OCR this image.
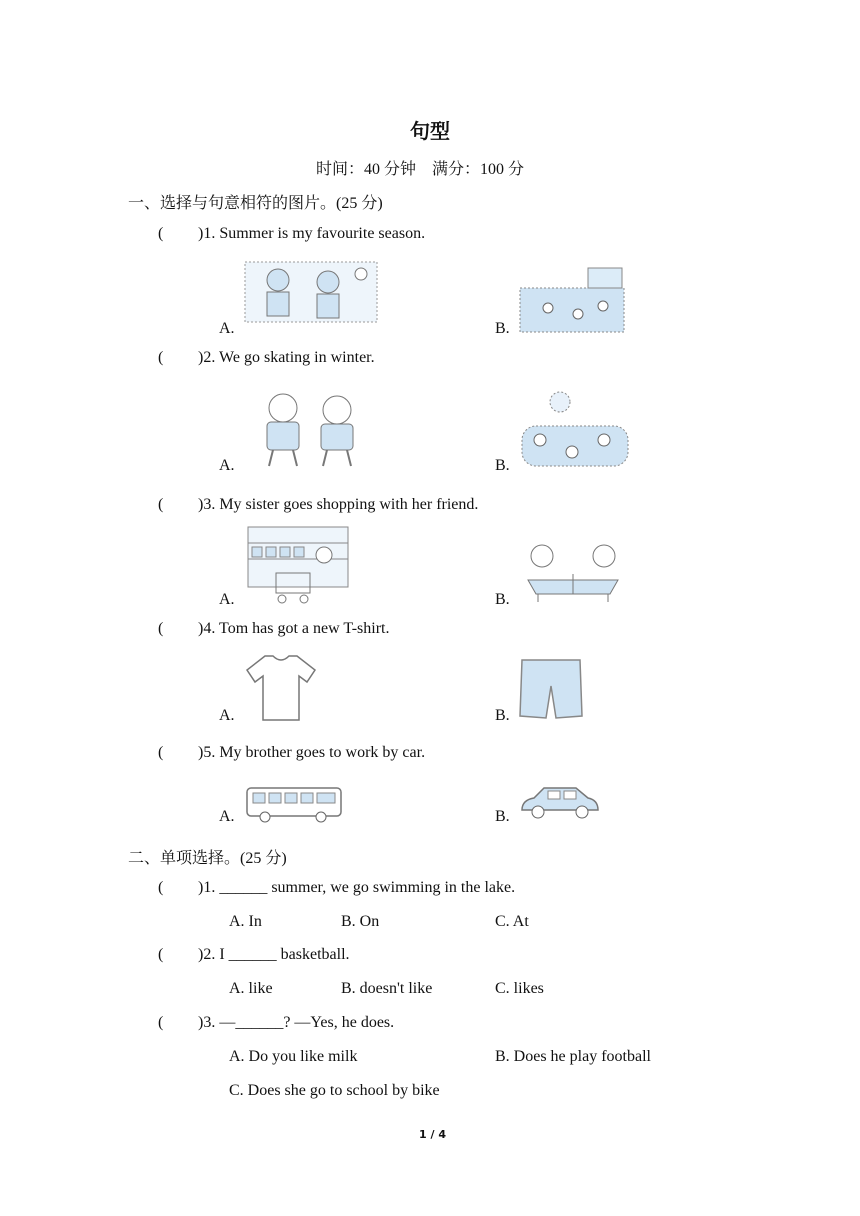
句型
时间：40 分钟　满分：100 分
一、选择与句意相符的图片。(25 分)
( )1. Summer is my favourite season.
A.	B.
( )2. We go skating in winter.
A.	B.
( )3. My sister goes shopping with her friend.
A.	B.
( )4. Tom has got a new T-shirt.
A.	B.
( )5. My brother goes to work by car.
A.	B.
二、单项选择。(25 分)
( )1. ______ summer, we go swimming in the lake.
A. In	B. On	C. At
( )2. I ______ basketball.
A. like	B. doesn't like	C. likes
( )3. —______? —Yes, he does.
A. Do you like milk	B. Does he play football
C. Does she go to school by bike
1 / 4
